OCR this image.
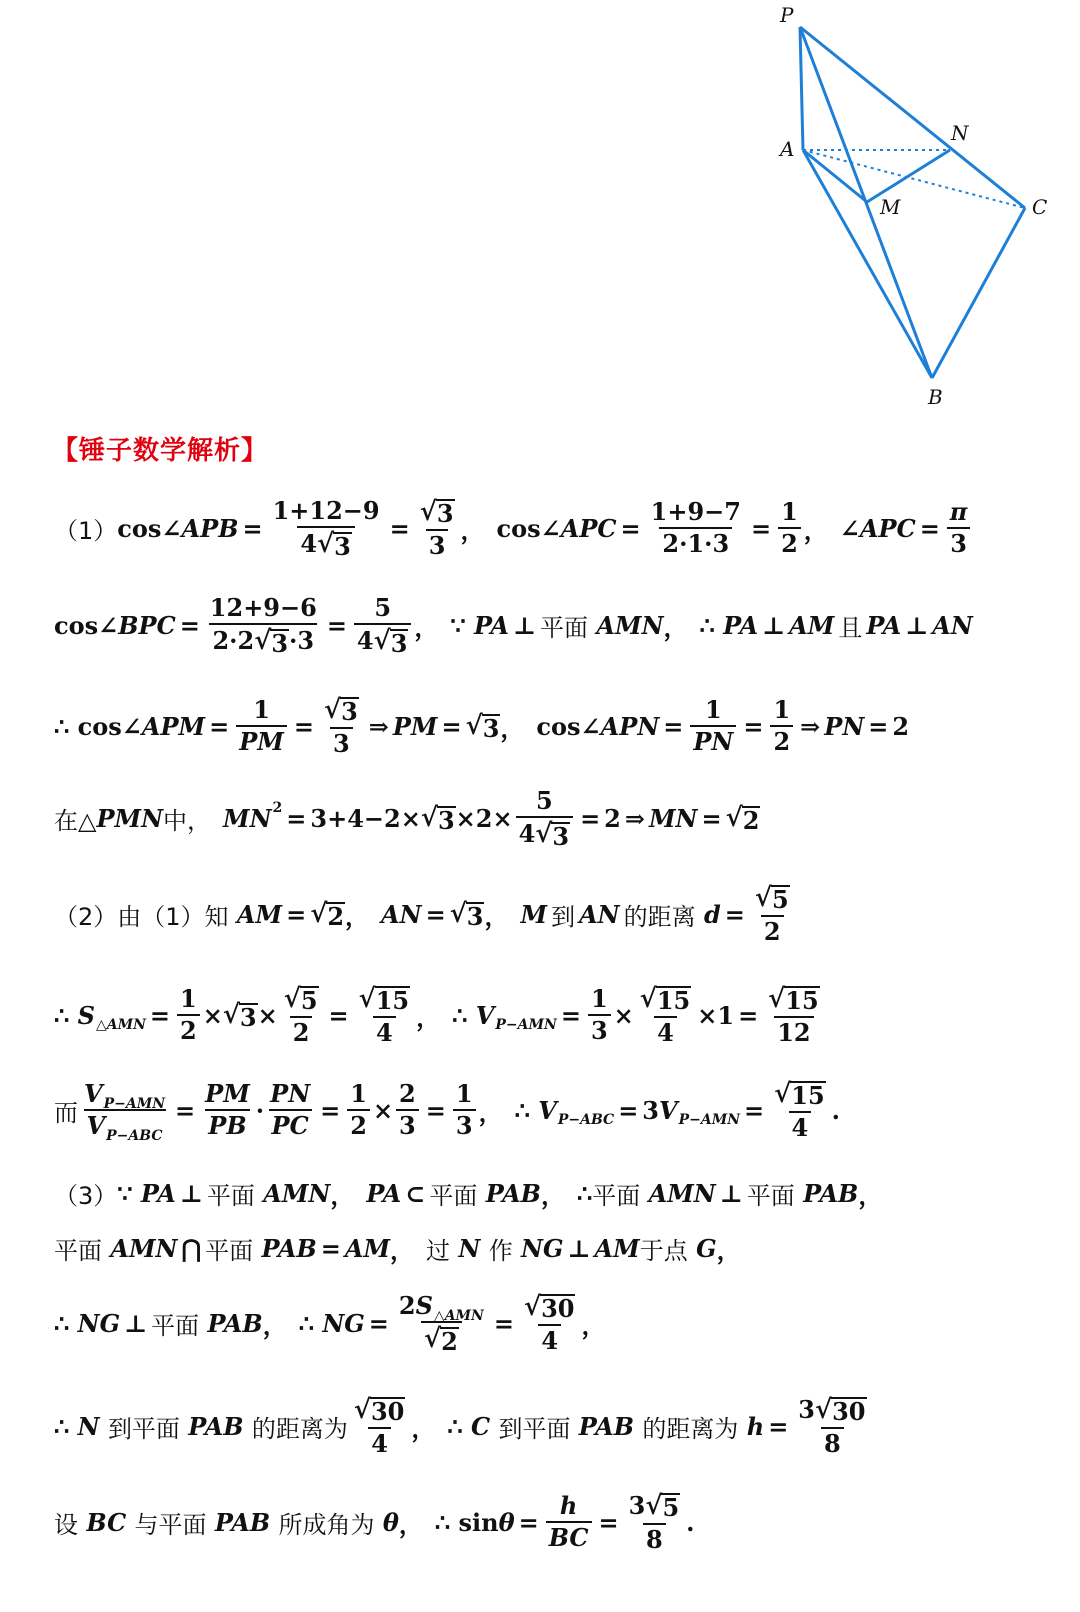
P
A
N
M	C
B
【锤子数学解析】
（1） cos∠ APB = $\frac{1+12-9}{4 √ 3} = \frac{√ 3}{3}$ ， cos∠ APC = $\frac{1+9-7}{2\cdot 1\cdot 3} = \frac{1}{2}$ ， ∠ APC = $\frac{\pi}{3}$
cos∠ BPC = $\frac{12+9-6}{2\cdot 2 √ 3 \cdot 3} = \frac{5}{4 √ 3}$ ， ∵ PA ⊥ 平面 AMN ， ∴ PA ⊥ AM 且 PA ⊥ AN
∴ cos∠ APM = $\frac{1}{PM} = \frac{√ 3}{3}$ ⇒ PM = √ 3 ， cos∠ APN = $\frac{1}{PN} = \frac{1}{2}$ ⇒ PN = 2
在△ PMN 中， MN 2 = 3+4−2× √ $3 \times 2\times \frac{5}{4 √ 3} = 2$ ⇒ MN = √ 2
（2） 由（1）知 AM = √ 2 ， AN = √ 3 ， M 到 AN 的距离 $d = \frac{√ 5}{2}$
∴ S △AMN = $\frac{1}{2}$ × √ $3 \times \frac{√ 5}{2} = \frac{√ 15}{4}$ ， ∴ V $P-AMN = \frac{1}{3} \times \frac{√ 15}{4} \times 1 = \frac{√ 15}{12}$
而 $\frac{V_{P-AMN}}{V_{P-ABC}} = \frac{PM}{PB} \cdot \frac{PN}{PC} = \frac{1}{2} \times \frac{2}{3} = \frac{1}{3}$ ， ∴ V P−ABC = 3 V $P-AMN = \frac{√ 15}{4}$ .
（3） ∵ PA ⊥ 平面 AMN ， PA ⊂ 平面 PAB ， ∴ 平面 AMN ⊥ 平面 PAB ，
平面 AMN ⋂ 平面 PAB = AM ， 过 N 作 NG ⊥ AM 于点 G ，
∴ NG ⊥ 平面 PAB ， ∴ NG = $\frac{2S_{\triangle AMN}}{√ 2} = \frac{√ 30}{4}$ ，
∴ N 到平面 PAB 的距离为 $\frac{√ 30}{4}$ ， ∴ C 到平面 PAB 的距离为 $h = \frac{3 √ 30}{8}$
设 BC 与平面 PAB 所成角为 θ ， ∴ $\sin \theta = \frac{h}{BC} = \frac{3 √ 5}{8}$ .
